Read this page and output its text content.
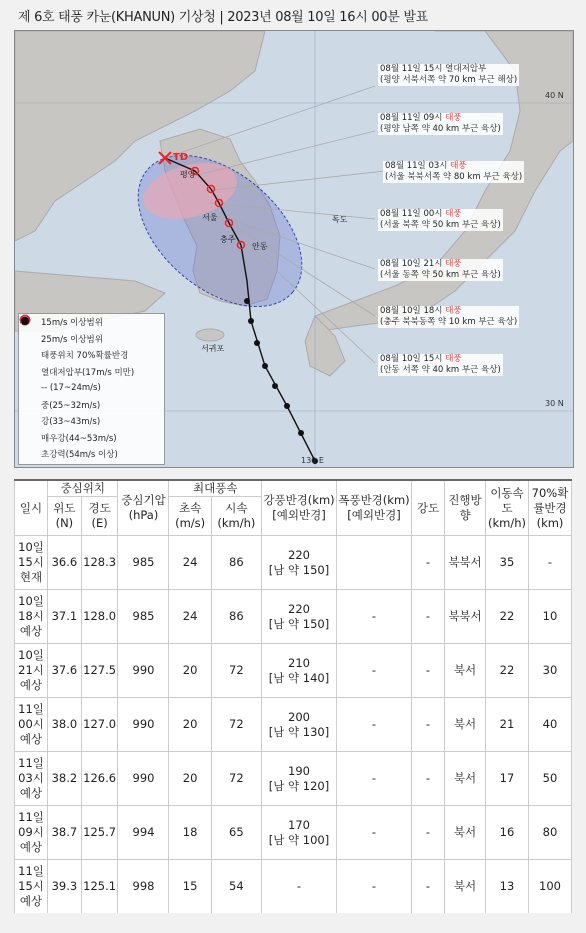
제 6호 태풍 카눈(KHANUN) 기상청 | 2023년 08월 10일 16시 00분 발표
40 N
30 N
130 E
TD
평양
서울
충주
안동
독도
서귀포
08월 11일 15시 열대저압부
(평양 서북서쪽 약 70 km 부근 해상)
08월 11일 09시 태풍
(평양 남쪽 약 40 km 부근 육상)
08월 11일 03시 태풍
(서울 북북서쪽 약 80 km 부근 육상)
08월 11일 00시 태풍
(서울 북쪽 약 50 km 부근 육상)
08월 10일 21시 태풍
(서울 동쪽 약 50 km 부근 육상)
08월 10일 18시 태풍
(충주 북북동쪽 약 10 km 부근 육상)
08월 10일 15시 태풍
(안동 서쪽 약 40 km 부근 육상)
15m/s 이상범위
25m/s 이상범위
태풍위치 70%확률반경
열대저압부(17m/s 미만)
-- (17~24m/s)
중(25~32m/s)
강(33~43m/s)
매우강(44~53m/s)
초강력(54m/s 이상)
일시	중심위치		중심기압(hPa)	최대풍속		강풍반경(km)[예외반경]	폭풍반경(km)[예외반경]	강도	진행방향	이동속도(km/h)	70%확률반경(km)
	위도(N)	경도(E)		초속(m/s)	시속(km/h)						
10일15시현재	36.6	128.3	985	24	86	220
[남 약 150]		-	북북서	35	-
10일18시예상	37.1	128.0	985	24	86	220
[남 약 150]	-	-	북북서	22	10
10일21시예상	37.6	127.5	990	20	72	210
[남 약 140]	-	-	북서	22	30
11일00시예상	38.0	127.0	990	20	72	200
[남 약 130]	-	-	북서	21	40
11일03시예상	38.2	126.6	990	20	72	190
[남 약 120]	-	-	북서	17	50
11일09시예상	38.7	125.7	994	18	65	170
[남 약 100]	-	-	북서	16	80
11일15시예상	39.3	125.1	998	15	54	-	-	-	북서	13	100
